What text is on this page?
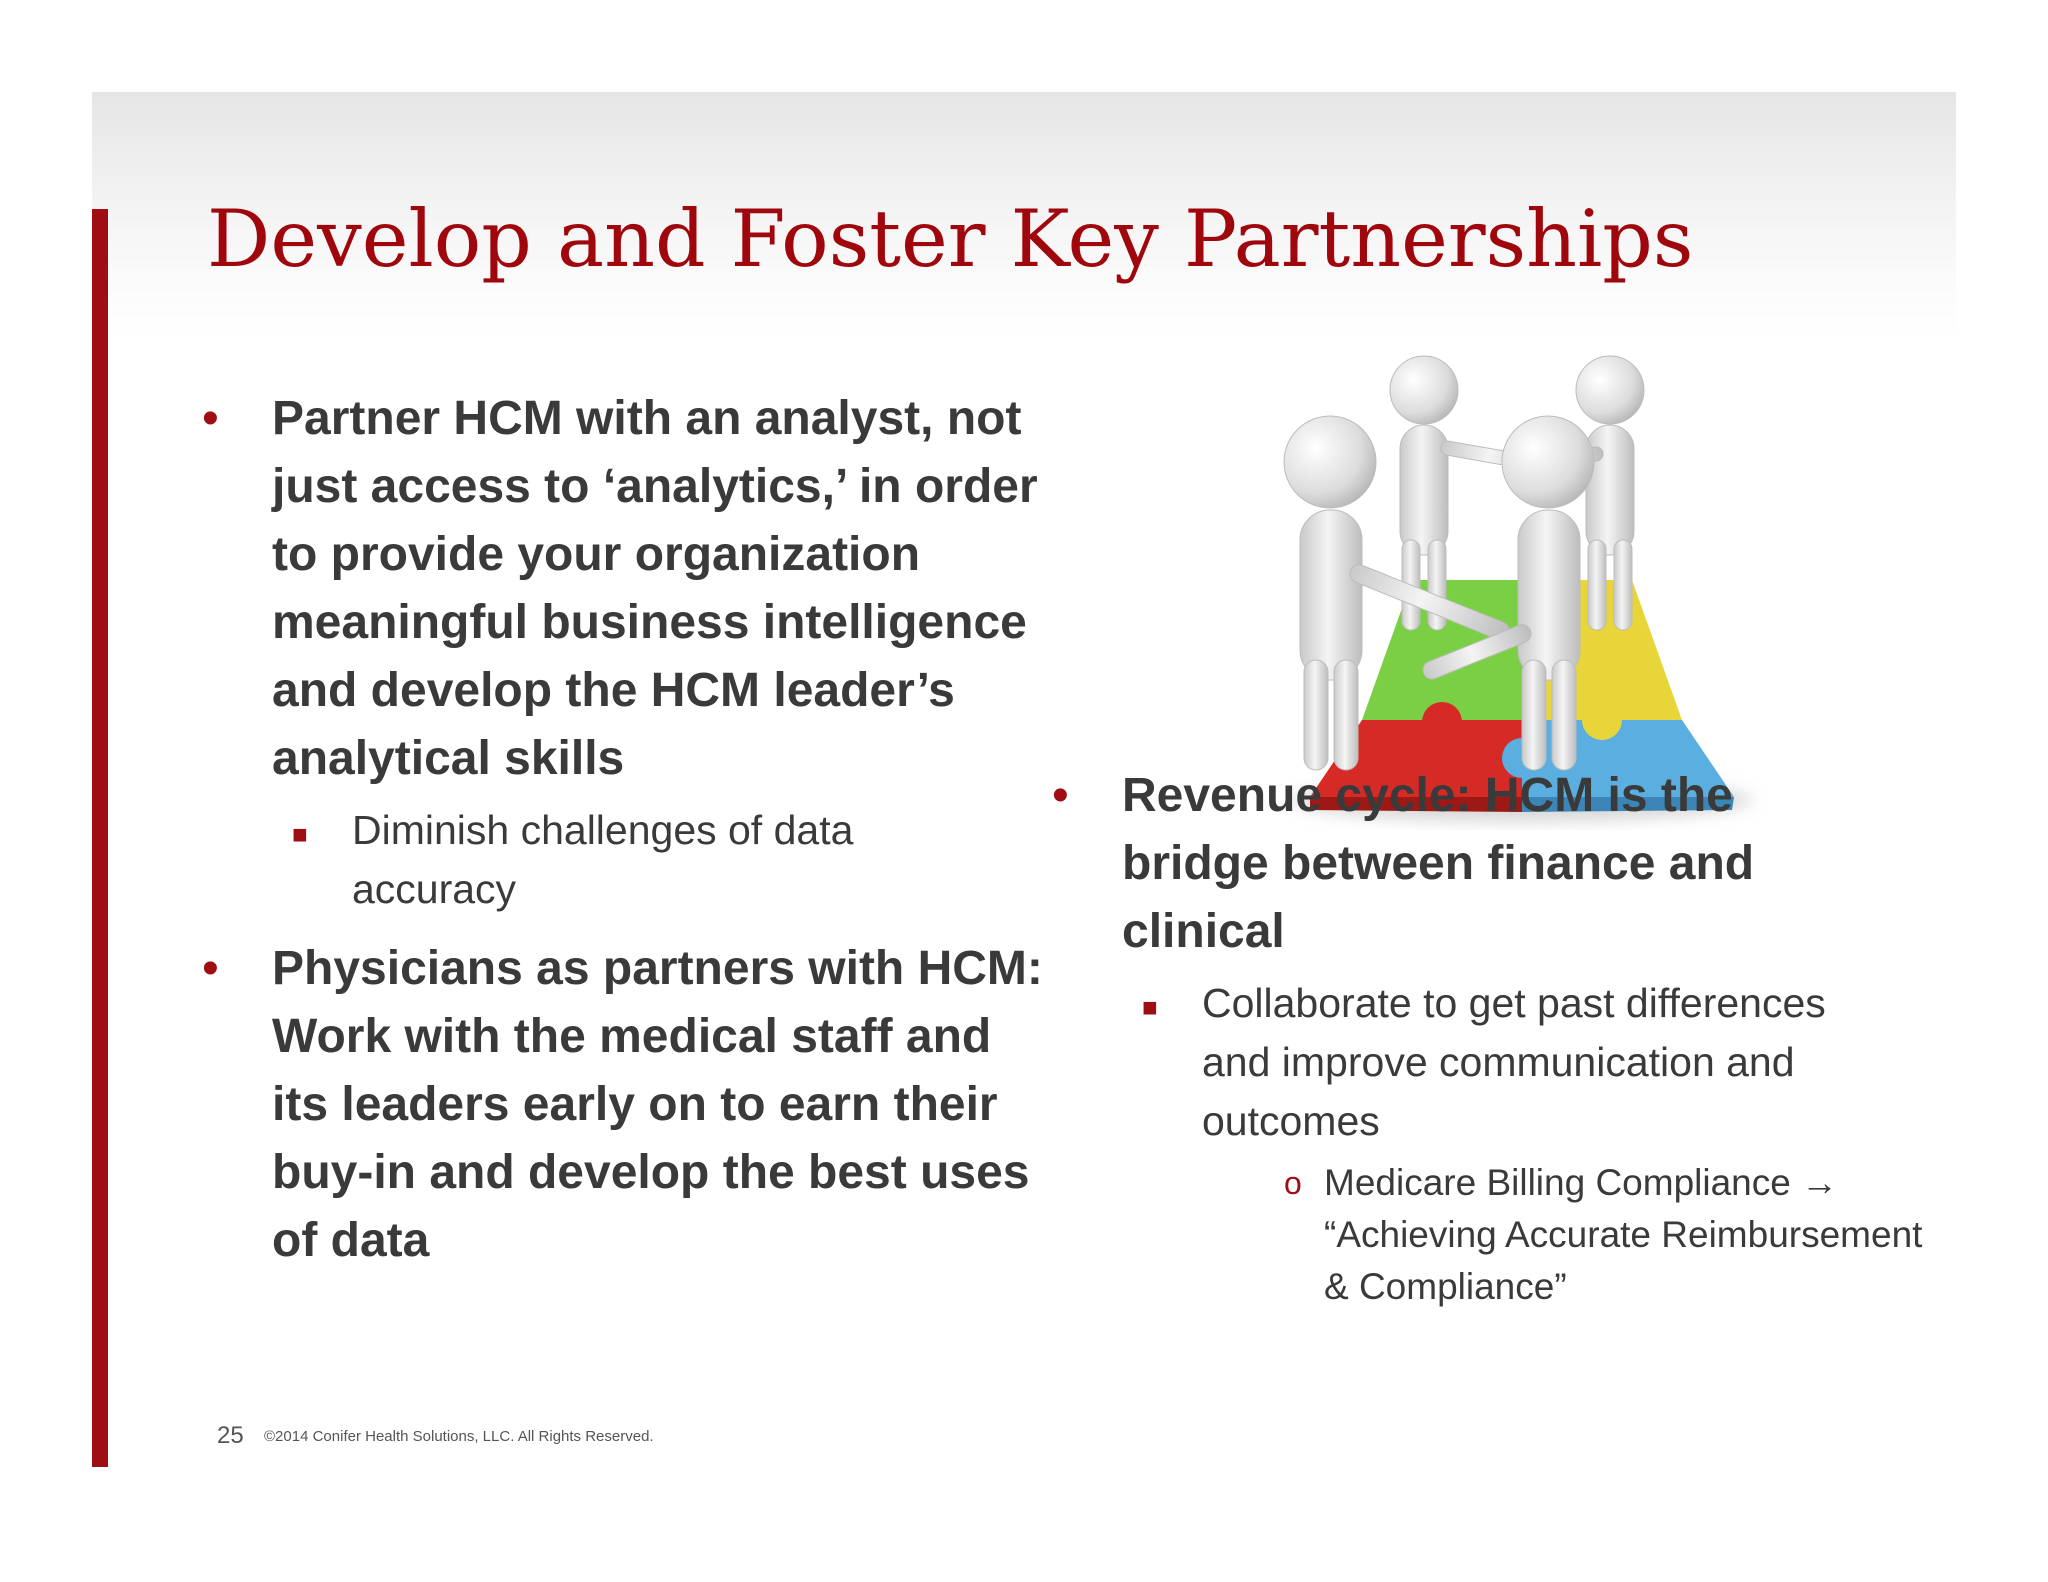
Develop and Foster Key Partnerships
• Partner HCM with an analyst, not just access to ‘analytics,’ in order to provide your organization meaningful business intelligence and develop the HCM leader’s analytical skills
■ Diminish challenges of data accuracy
• Physicians as partners with HCM: Work with the medical staff and its leaders early on to earn their buy-in and develop the best uses of data
• Revenue cycle: HCM is the bridge between finance and clinical
■ Collaborate to get past differences and improve communication and outcomes
o Medicare Billing Compliance → “Achieving Accurate Reimbursement & Compliance”
25 ©2014 Conifer Health Solutions, LLC. All Rights Reserved.
